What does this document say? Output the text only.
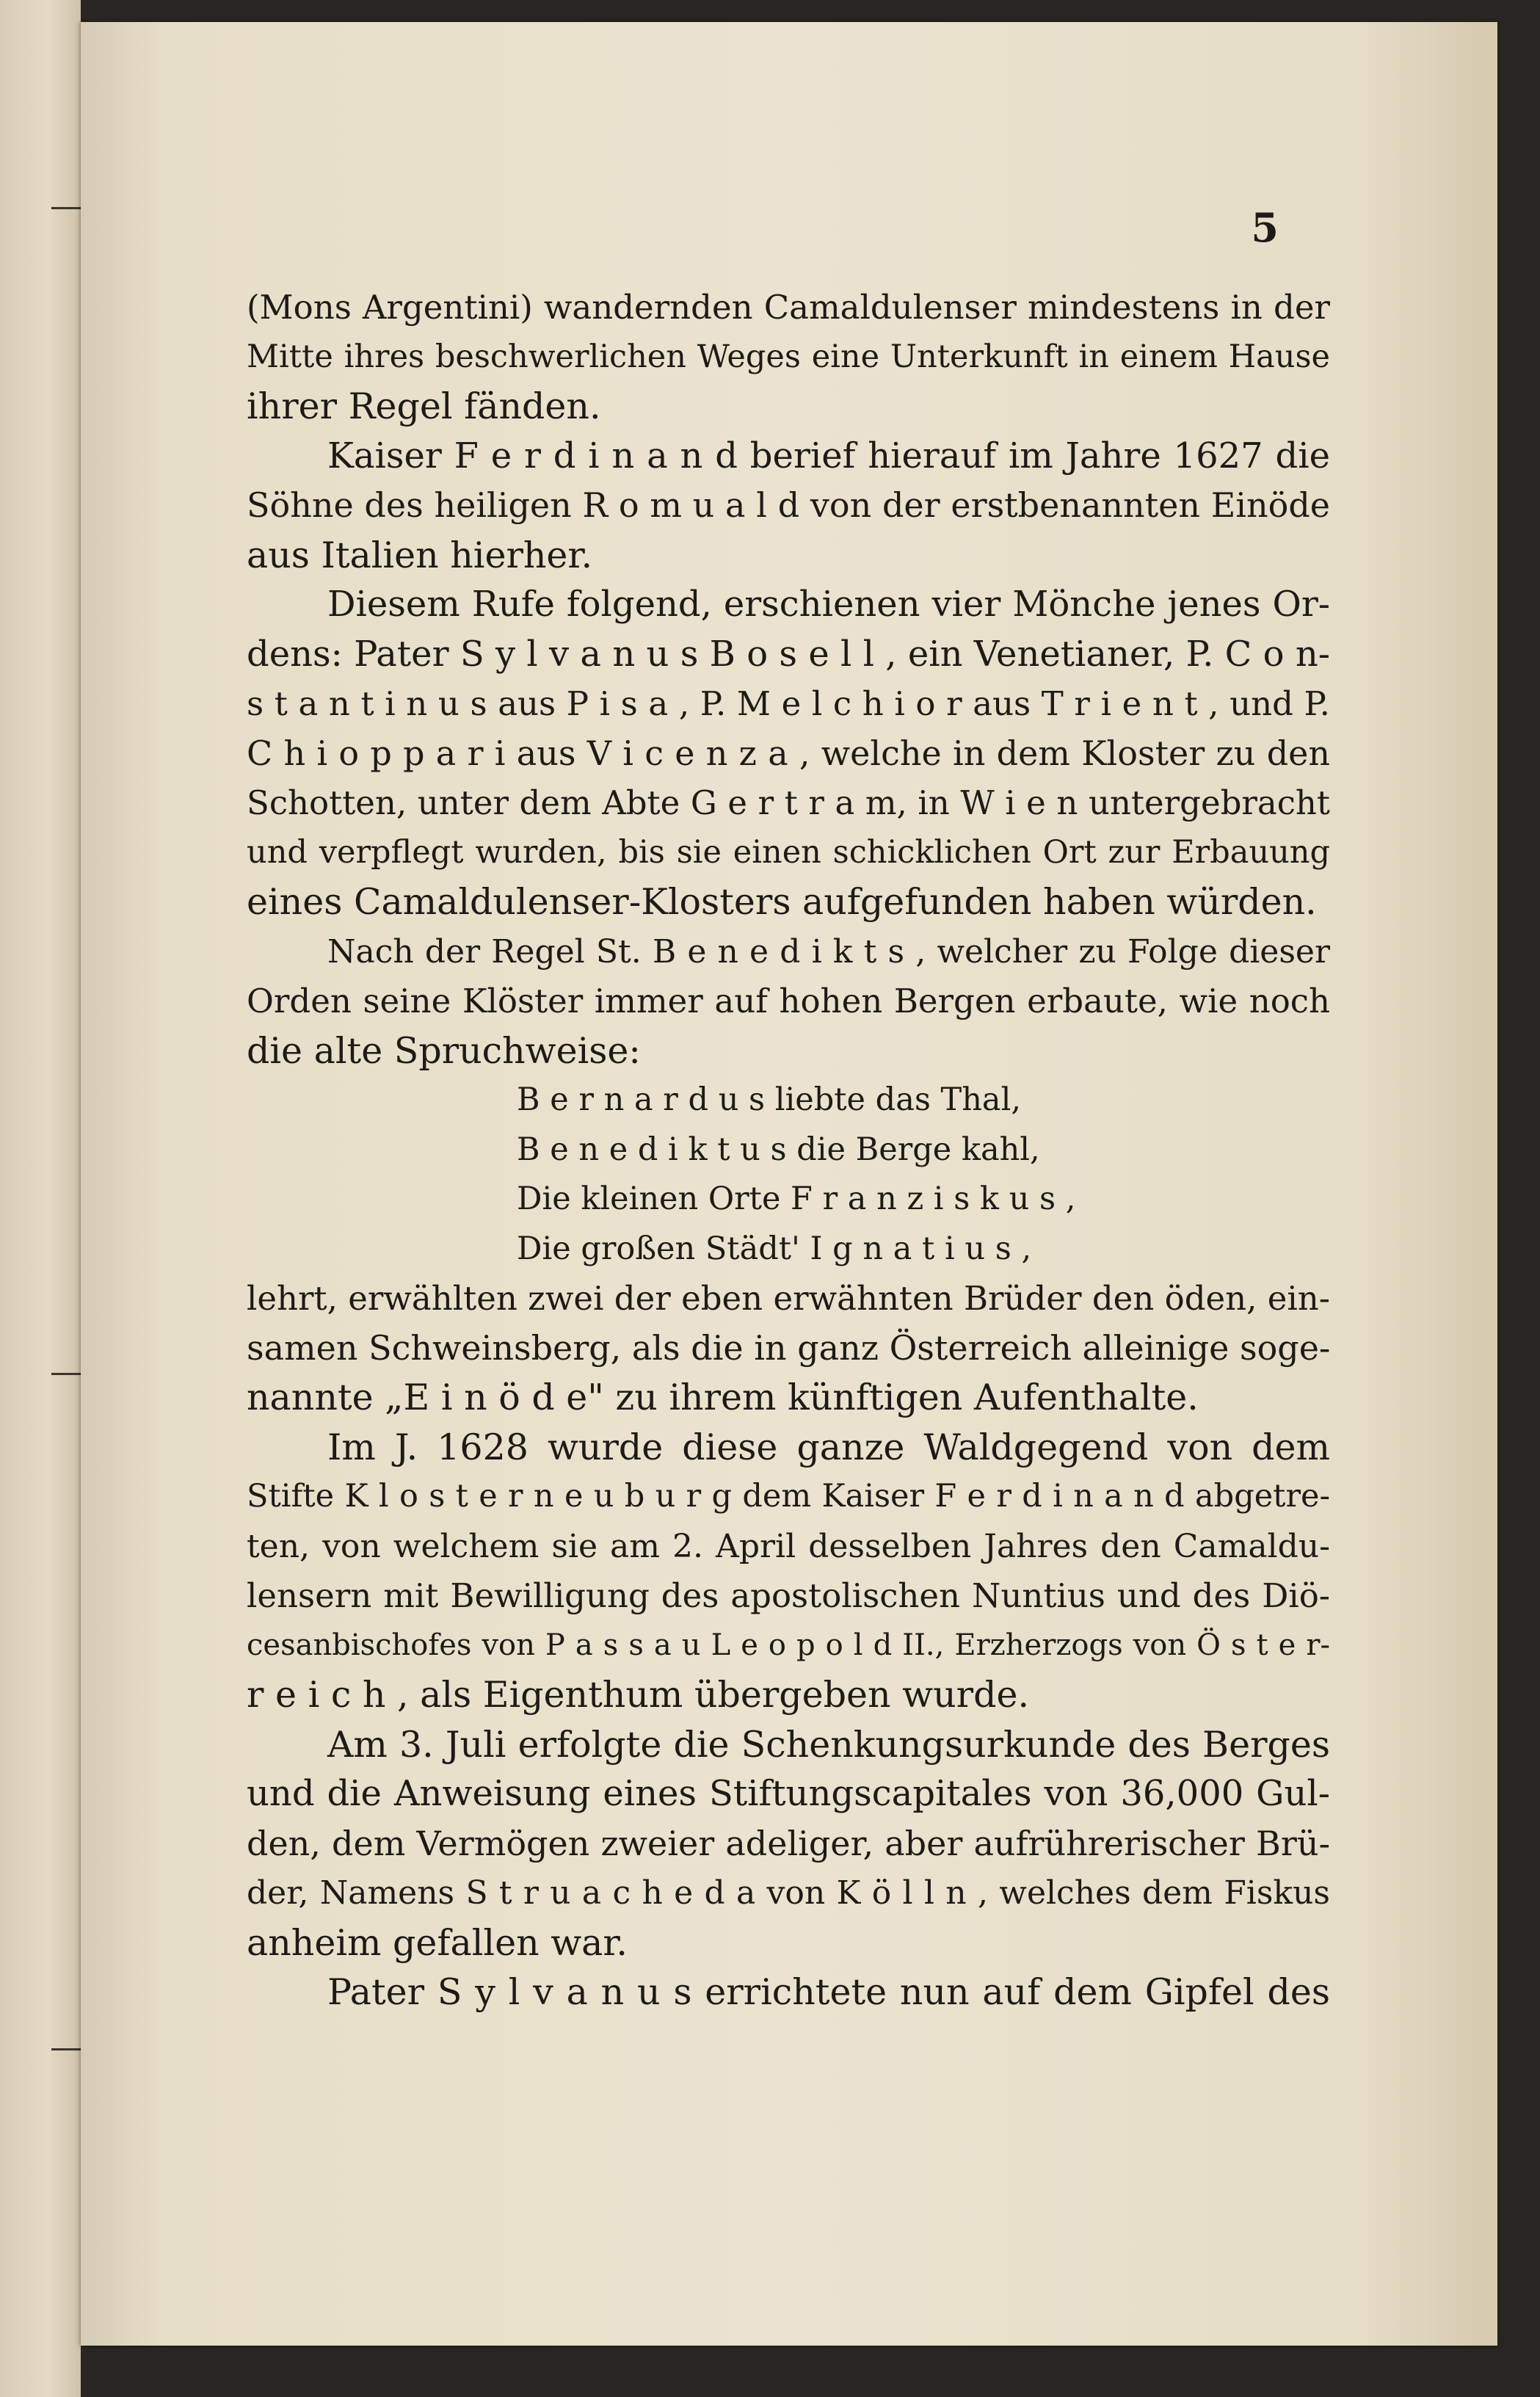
5
(Mons Argentini) wandernden Camaldulenser mindestens in der
Mitte ihres beschwerlichen Weges eine Unterkunft in einem Hause
ihrer Regel fänden.
Kaiser F e r d i n a n d berief hierauf im Jahre 1627 die
Söhne des heiligen R o m u a l d von der erstbenannten Einöde
aus Italien hierher.
Diesem Rufe folgend, erschienen vier Mönche jenes Or-
dens: Pater S y l v a n u s B o s e l l , ein Venetianer, P. C o n-
s t a n t i n u s aus P i s a , P. M e l c h i o r aus T r i e n t , und P.
C h i o p p a r i aus V i c e n z a , welche in dem Kloster zu den
Schotten, unter dem Abte G e r t r a m, in W i e n untergebracht
und verpflegt wurden, bis sie einen schicklichen Ort zur Erbauung
eines Camaldulenser-Klosters aufgefunden haben würden.
Nach der Regel St. B e n e d i k t s , welcher zu Folge dieser
Orden seine Klöster immer auf hohen Bergen erbaute, wie noch
die alte Spruchweise:
B e r n a r d u s liebte das Thal,
B e n e d i k t u s die Berge kahl,
Die kleinen Orte F r a n z i s k u s ,
Die großen Städt' I g n a t i u s ,
lehrt, erwählten zwei der eben erwähnten Brüder den öden, ein-
samen Schweinsberg, als die in ganz Österreich alleinige soge-
nannte „E i n ö d e" zu ihrem künftigen Aufenthalte.
Im J. 1628 wurde diese ganze Waldgegend von dem
Stifte K l o s t e r n e u b u r g dem Kaiser F e r d i n a n d abgetre-
ten, von welchem sie am 2. April desselben Jahres den Camaldu-
lensern mit Bewilligung des apostolischen Nuntius und des Diö-
cesanbischofes von P a s s a u L e o p o l d II., Erzherzogs von Ö s t e r-
r e i c h , als Eigenthum übergeben wurde.
Am 3. Juli erfolgte die Schenkungsurkunde des Berges
und die Anweisung eines Stiftungscapitales von 36,000 Gul-
den, dem Vermögen zweier adeliger, aber aufrührerischer Brü-
der, Namens S t r u a c h e d a von K ö l l n , welches dem Fiskus
anheim gefallen war.
Pater S y l v a n u s errichtete nun auf dem Gipfel des
